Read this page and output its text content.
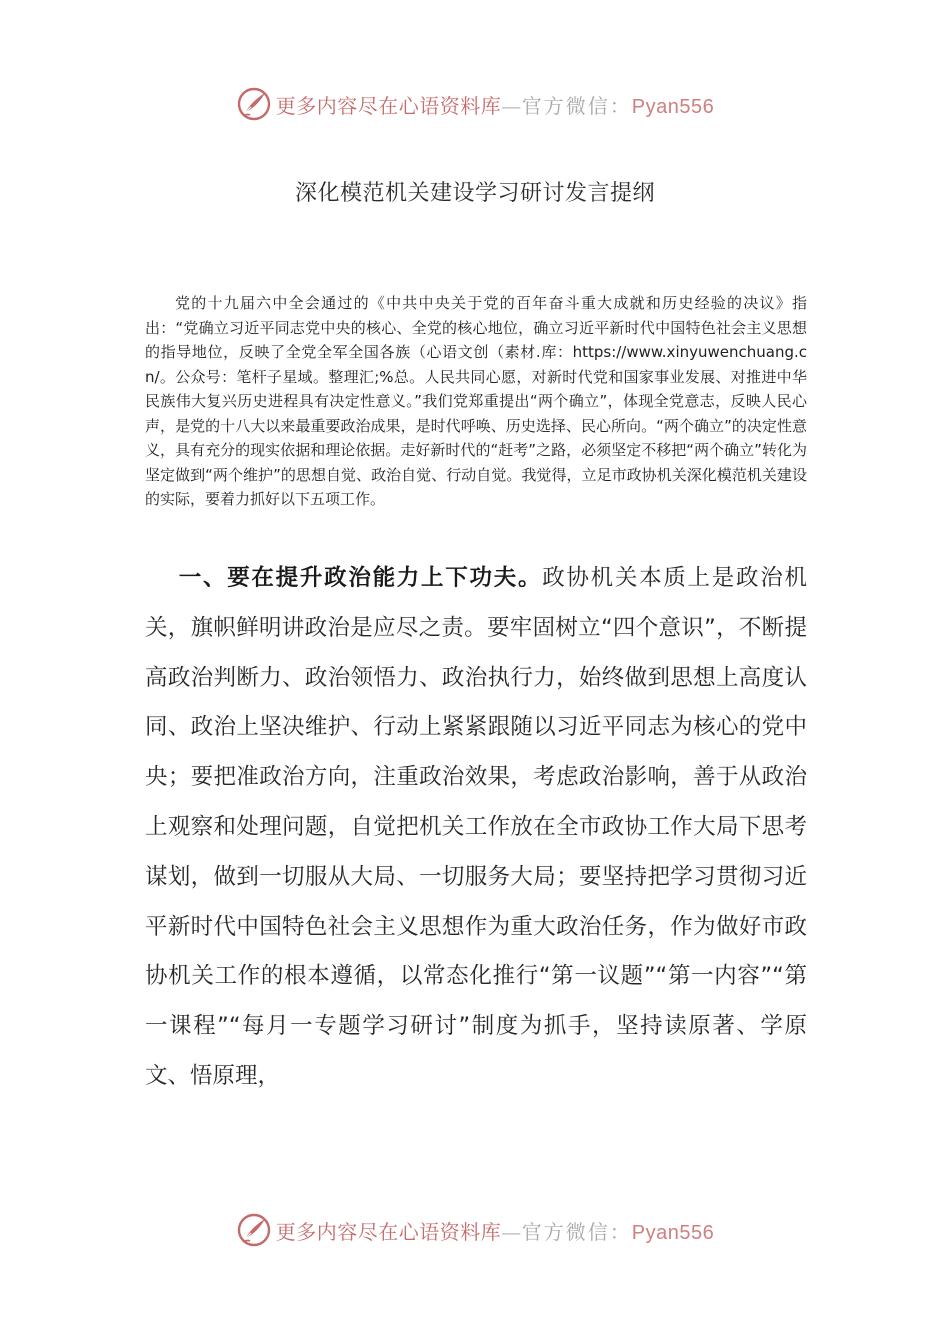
更多内容尽在心语资料库—官方微信：Pyan556
深化模范机关建设学习研讨发言提纲

党的十九届六中全会通过的《中共中央关于党的百年奋斗重大成就和历史经验的决议》指出：“党确立习近平同志党中央的核心、全党的核心地位，确立习近平新时代中国特色社会主义思想的指导地位，反映了全党全军全国各族（心语文创（素材.库：https://www.xinyuwenchuang.cn/。公众号：笔杆子星域。整理汇;%总。人民共同心愿，对新时代党和国家事业发展、对推进中华民族伟大复兴历史进程具有决定性意义。”我们党郑重提出“两个确立”，体现全党意志，反映人民心声，是党的十八大以来最重要政治成果，是时代呼唤、历史选择、民心所向。“两个确立”的决定性意义，具有充分的现实依据和理论依据。走好新时代的“赶考”之路，必须坚定不移把“两个确立”转化为坚定做到“两个维护”的思想自觉、政治自觉、行动自觉。我觉得，立足市政协机关深化模范机关建设的实际，要着力抓好以下五项工作。

一、要在提升政治能力上下功夫。政协机关本质上是政治机关，旗帜鲜明讲政治是应尽之责。要牢固树立“四个意识”，不断提高政治判断力、政治领悟力、政治执行力，始终做到思想上高度认同、政治上坚决维护、行动上紧紧跟随以习近平同志为核心的党中央；要把准政治方向，注重政治效果，考虑政治影响，善于从政治上观察和处理问题，自觉把机关工作放在全市政协工作大局下思考谋划，做到一切服从大局、一切服务大局；要坚持把学习贯彻习近平新时代中国特色社会主义思想作为重大政治任务，作为做好市政协机关工作的根本遵循，以常态化推行“第一议题”“第一内容”“第一课程”“每月一专题学习研讨”制度为抓手，坚持读原著、学原文、悟原理，

更多内容尽在心语资料库—官方微信：Pyan556
